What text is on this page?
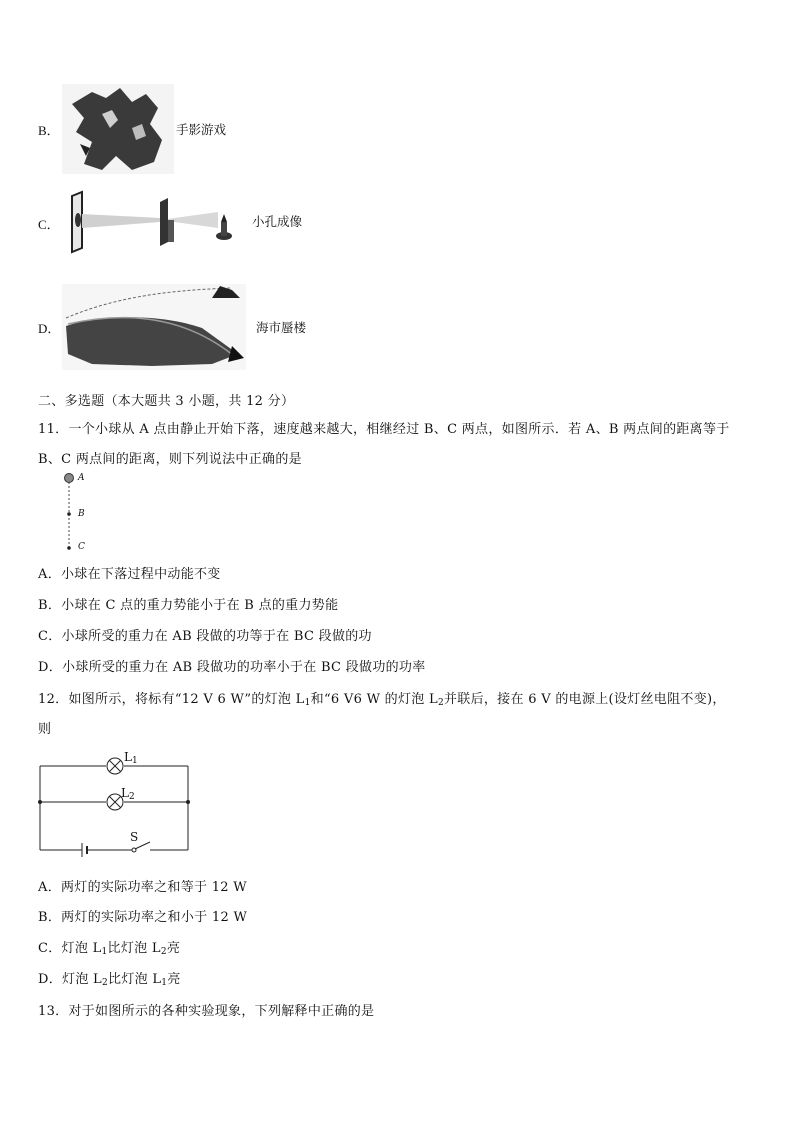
B．	手影游戏
C．	小孔成像
D．	海市蜃楼
二、多选题（本大题共 3 小题，共 12 分）
11．一个小球从 A 点由静止开始下落，速度越来越大，相继经过 B、C 两点，如图所示．若 A、B 两点间的距离等于
B、C 两点间的距离，则下列说法中正确的是
A
B
C
A．小球在下落过程中动能不变
B．小球在 C 点的重力势能小于在 B 点的重力势能
C．小球所受的重力在 AB 段做的功等于在 BC 段做的功
D．小球所受的重力在 AB 段做功的功率小于在 BC 段做功的功率
12．如图所示，将标有“12 V 6 W”的灯泡 $L_1$和“6 V6 W 的灯泡 $L_2$并联后，接在 6 V 的电源上(设灯丝电阻不变)，
则
$L_1$
$L_2$
S
A．两灯的实际功率之和等于 12 W
B．两灯的实际功率之和小于 12 W
C．灯泡 $L_1$比灯泡 $L_2$亮
D．灯泡 $L_2$比灯泡 $L_1$亮
13．对于如图所示的各种实验现象，下列解释中正确的是
